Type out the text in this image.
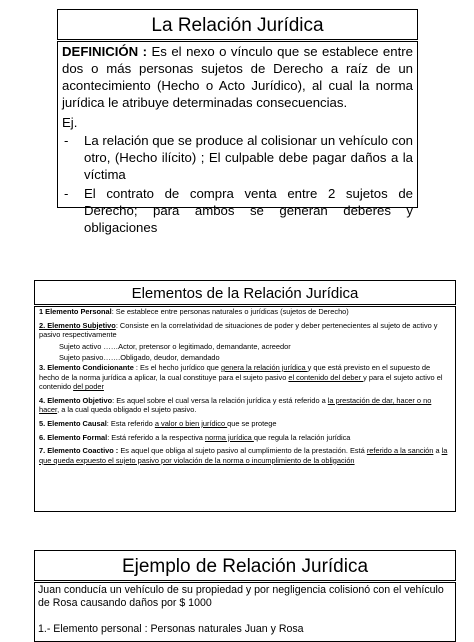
La Relación Jurídica

DEFINICIÓN : Es el nexo o vínculo que se establece entre dos o más personas sujetos de Derecho a raíz de un acontecimiento (Hecho o Acto Jurídico), al cual la norma jurídica le atribuye determinadas consecuencias.

Ej.

- La relación que se produce al colisionar un vehículo con otro, (Hecho ilícito) ; El culpable debe pagar daños a la víctima
- El contrato de compra venta entre 2 sujetos de Derecho; para ambos se generan deberes y obligaciones
Elementos de la Relación Jurídica

1 Elemento Personal: Se establece entre personas naturales o jurídicas (sujetos de Derecho)

2. Elemento Subjetivo: Consiste en la correlatividad de situaciones de poder y deber pertenecientes al sujeto de activo y pasivo respectivamente

Sujeto activo ……Actor, pretensor o legitimado, demandante, acreedor

Sujeto pasivo…….Obligado, deudor, demandado

3. Elemento Condicionante : Es el hecho jurídico que genera la relación jurídica y que está previsto en el supuesto de hecho de la norma jurídica a aplicar, la cual constituye para el sujeto pasivo el contenido del deber y para el sujeto activo el contenido del poder

4. Elemento Objetivo: Es aquel sobre el cual versa la relación jurídica y está referido a la prestación de dar, hacer o no hacer, a la cual queda obligado el sujeto pasivo.

5. Elemento Causal: Esta referido a valor o bien jurídico que se protege

6. Elemento Formal: Está referido a la respectiva norma jurídica que regula la relación jurídica

7. Elemento Coactivo : Es aquel que obliga al sujeto pasivo al cumplimiento de la prestación. Está referido a la sanción a la que queda expuesto el sujeto pasivo por violación de la norma o incumplimiento de la obligación

Ejemplo de Relación Jurídica

Juan conducía un vehículo de su propiedad y por negligencia colisionó con el vehículo de Rosa causando daños por $ 1000

1.- Elemento personal : Personas naturales Juan y Rosa
